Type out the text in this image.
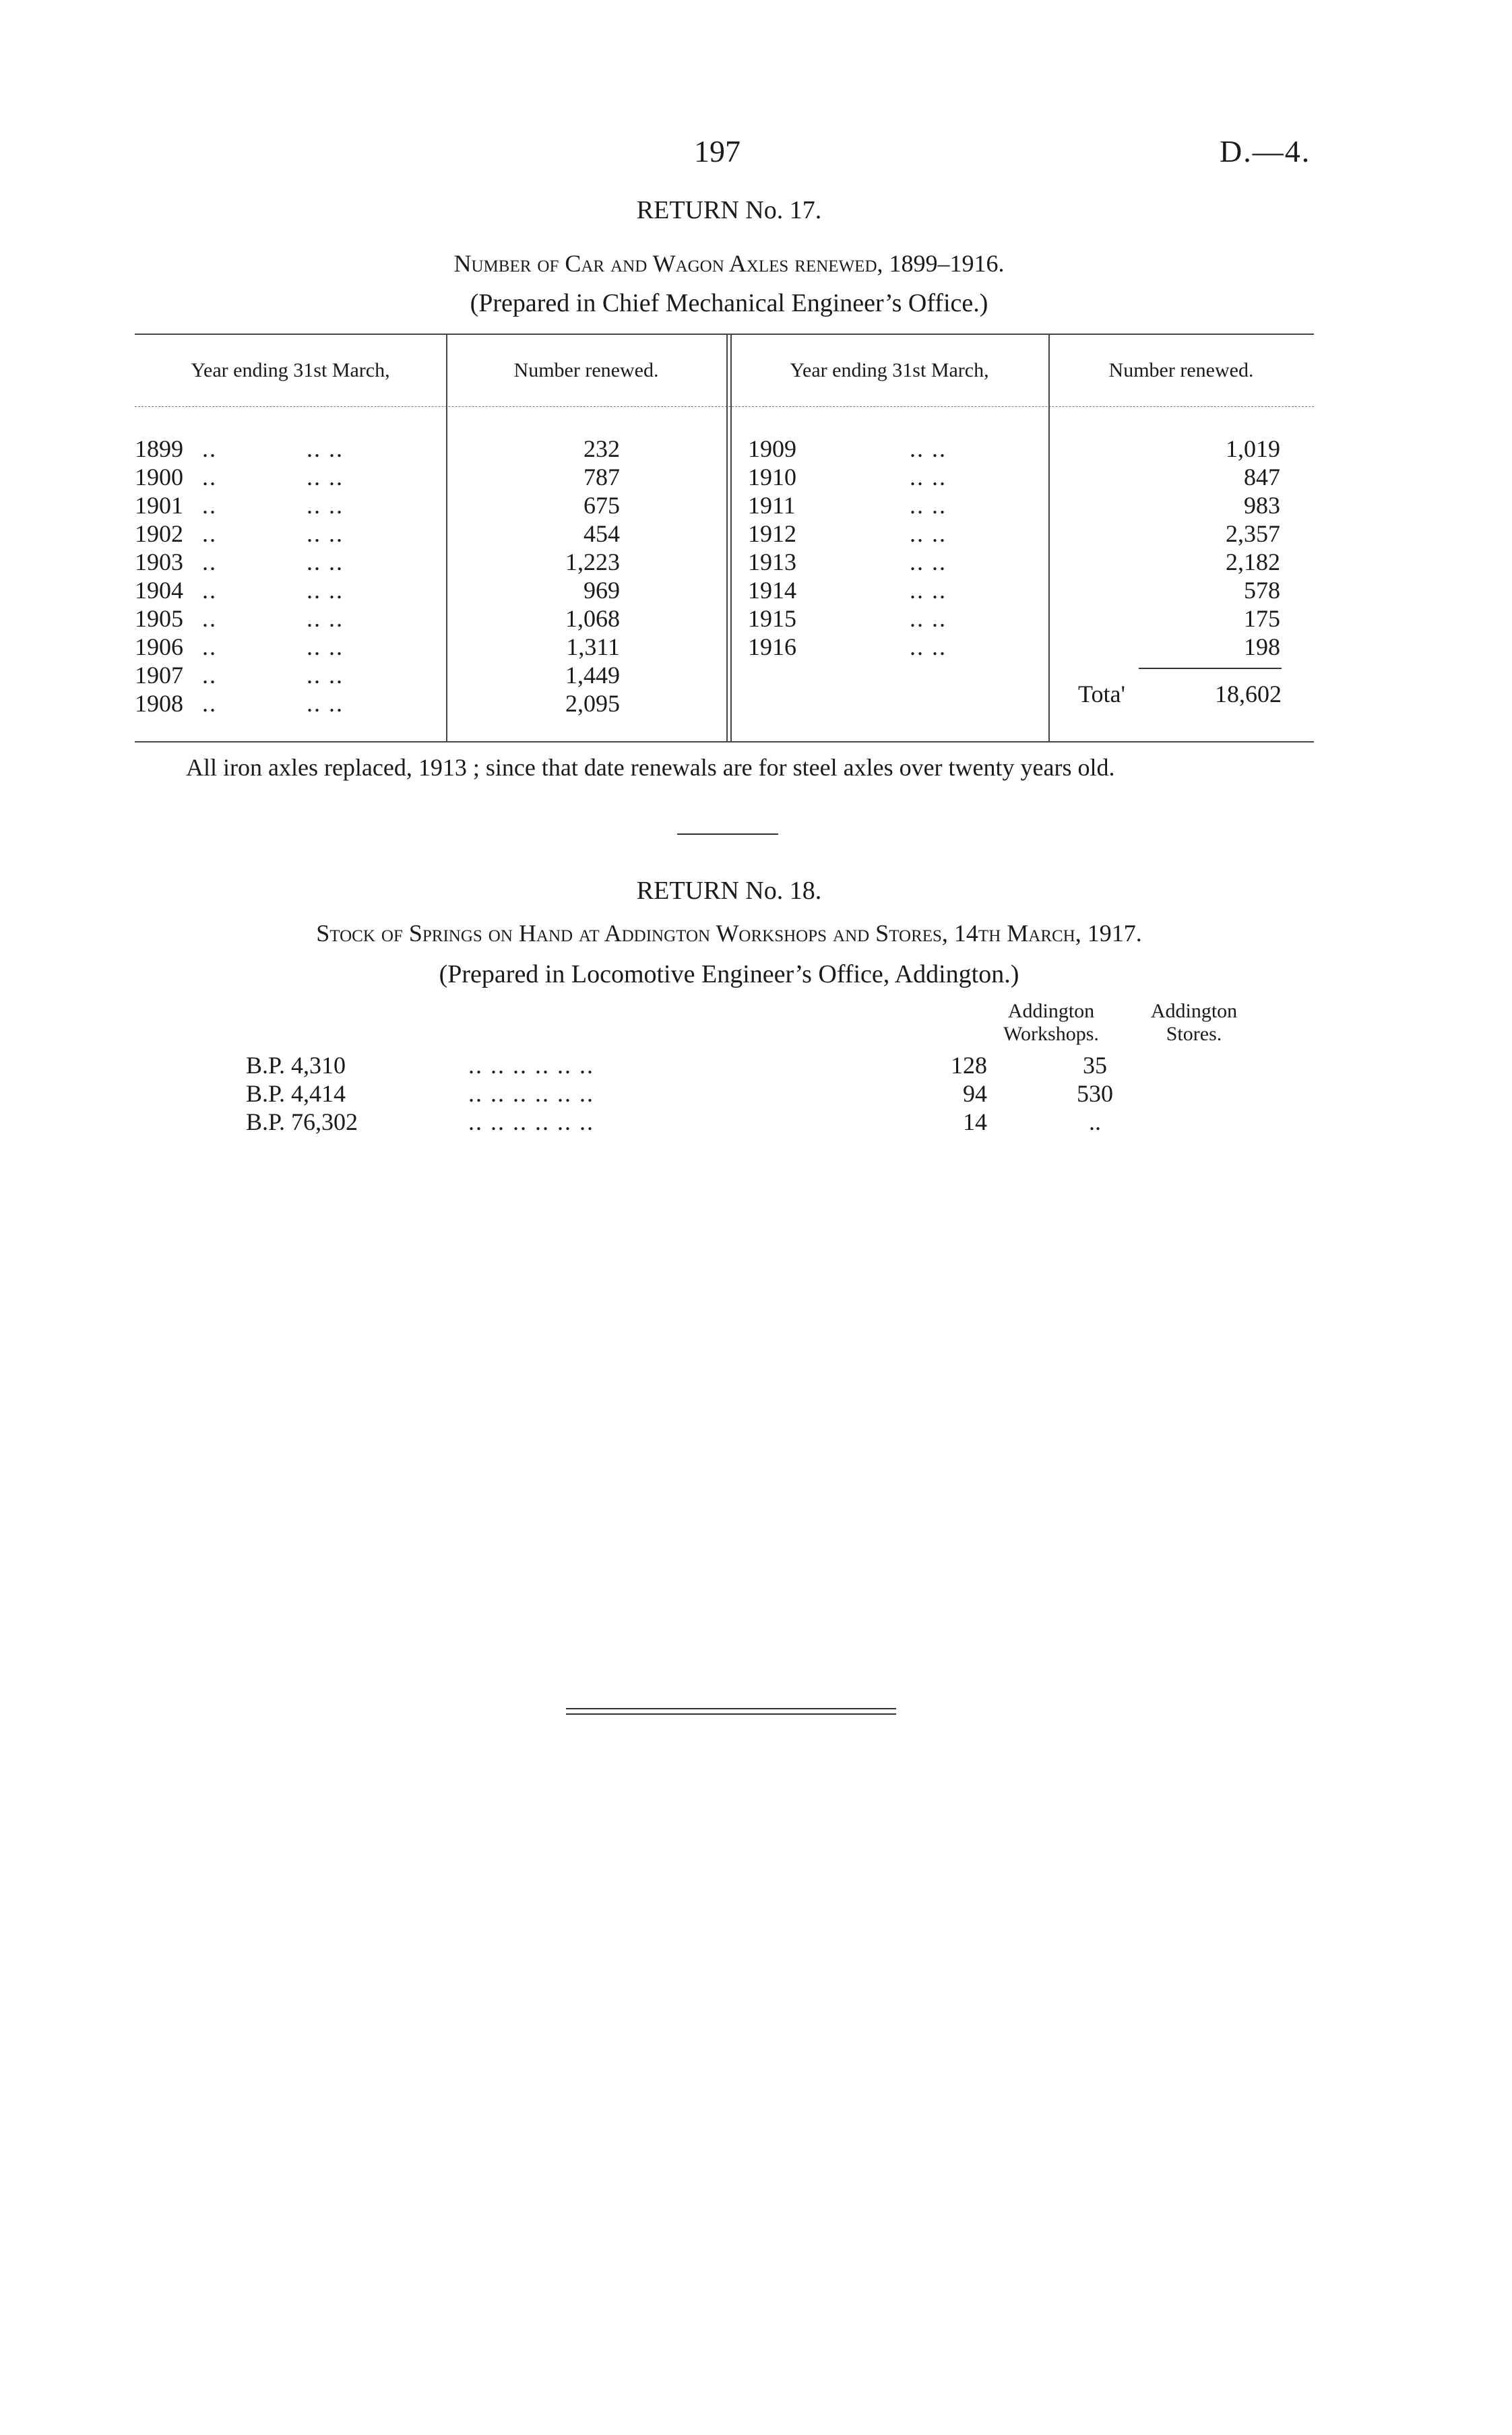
197	D.—4.
RETURN No. 17.
Number of Car and Wagon Axles renewed, 1899–1916.
(Prepared in Chief Mechanical Engineer’s Office.)
Year ending 31st March,	Number renewed.	Year ending 31st March,	Number renewed.
1899 ..	.. ..	232
1900 ..	.. ..	787
1901 ..	.. ..	675
1902 ..	.. ..	454
1903 ..	.. ..	1,223
1904 ..	.. ..	969
1905 ..	.. ..	1,068
1906 ..	.. ..	1,311
1907 ..	.. ..	1,449
1908 ..	.. ..	2,095
1909	.. ..	1,019
1910	.. ..	847
1911	.. ..	983
1912	.. ..	2,357
1913	.. ..	2,182
1914	.. ..	578
1915	.. ..	175
1916	.. ..	198
Tota'	18,602
All iron axles replaced, 1913 ; since that date renewals are for steel axles over twenty years old.
RETURN No. 18.
Stock of Springs on Hand at Addington Workshops and Stores, 14th March, 1917.
(Prepared in Locomotive Engineer’s Office, Addington.)
Addington
Workshops.
Addington
Stores.
B.P. 4,310	.. .. .. .. .. ..	128	35
B.P. 4,414	.. .. .. .. .. ..	94	530
B.P. 76,302	.. .. .. .. .. ..	14	..
